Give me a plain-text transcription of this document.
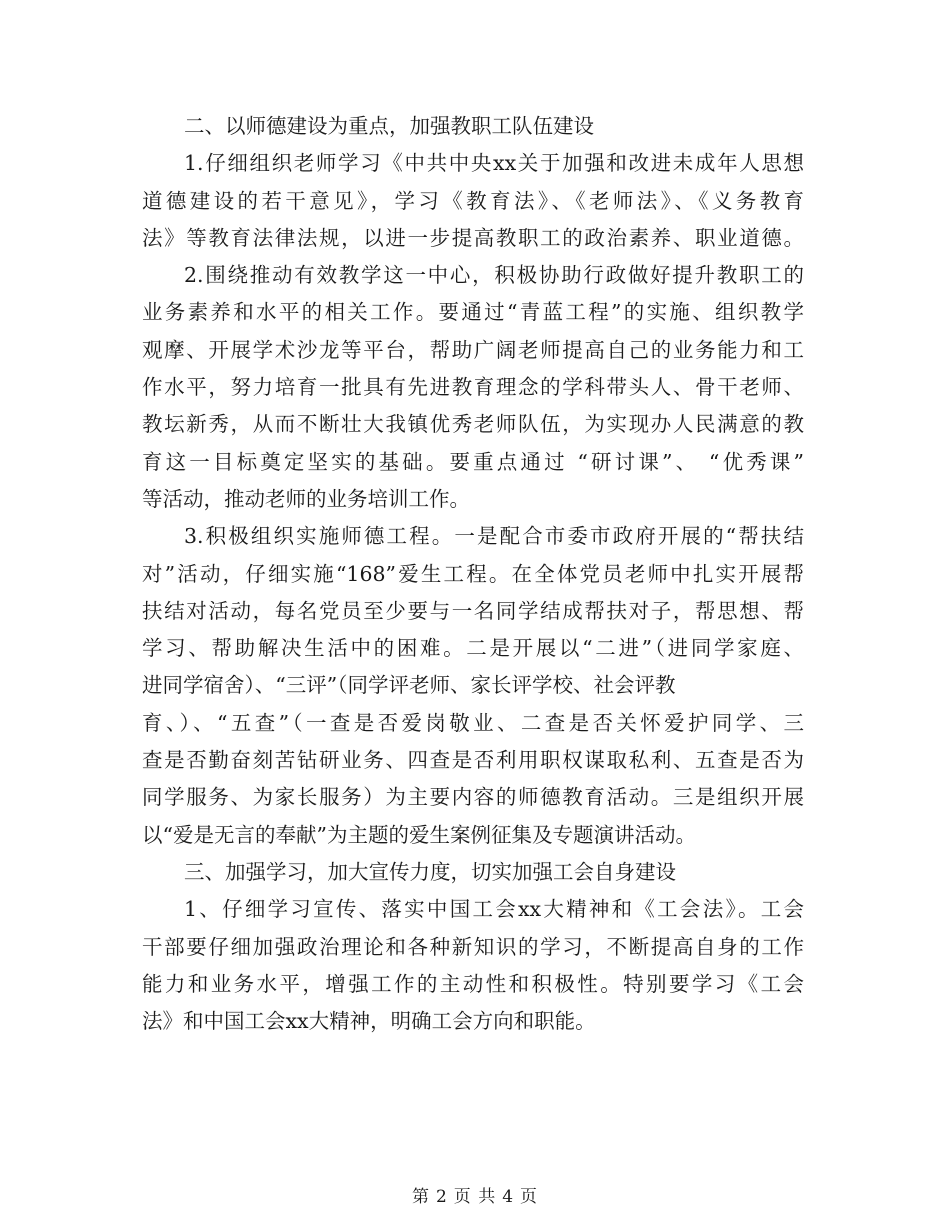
二、以师德建设为重点，加强教职工队伍建设
1.仔细组织老师学习《中共中央xx关于加强和改进未成年人思想
道德建设的若干意见》，学习《教育法》、《老师法》、《义务教育
法》等教育法律法规，以进一步提高教职工的政治素养、职业道德。
2.围绕推动有效教学这一中心，积极协助行政做好提升教职工的
业务素养和水平的相关工作。要通过“青蓝工程”的实施、组织教学
观摩、开展学术沙龙等平台，帮助广阔老师提高自己的业务能力和工
作水平，努力培育一批具有先进教育理念的学科带头人、骨干老师、
教坛新秀，从而不断壮大我镇优秀老师队伍，为实现办人民满意的教
育这一目标奠定坚实的基础。要重点通过 “研讨课”、 “优秀课”
等活动，推动老师的业务培训工作。
3.积极组织实施师德工程。一是配合市委市政府开展的“帮扶结
对”活动，仔细实施“168”爱生工程。在全体党员老师中扎实开展帮
扶结对活动，每名党员至少要与一名同学结成帮扶对子，帮思想、帮
学习、帮助解决生活中的困难。二是开展以“二进”（进同学家庭、
进同学宿舍）、“三评”（同学评老师、家长评学校、社会评教
育、）、“五查”（一查是否爱岗敬业、二查是否关怀爱护同学、三
查是否勤奋刻苦钻研业务、四查是否利用职权谋取私利、五查是否为
同学服务、为家长服务）为主要内容的师德教育活动。三是组织开展
以“爱是无言的奉献”为主题的爱生案例征集及专题演讲活动。
三、加强学习，加大宣传力度，切实加强工会自身建设
1、仔细学习宣传、落实中国工会xx大精神和《工会法》。工会
干部要仔细加强政治理论和各种新知识的学习，不断提高自身的工作
能力和业务水平，增强工作的主动性和积极性。特别要学习《工会
法》和中国工会xx大精神，明确工会方向和职能。
第 2 页 共 4 页
